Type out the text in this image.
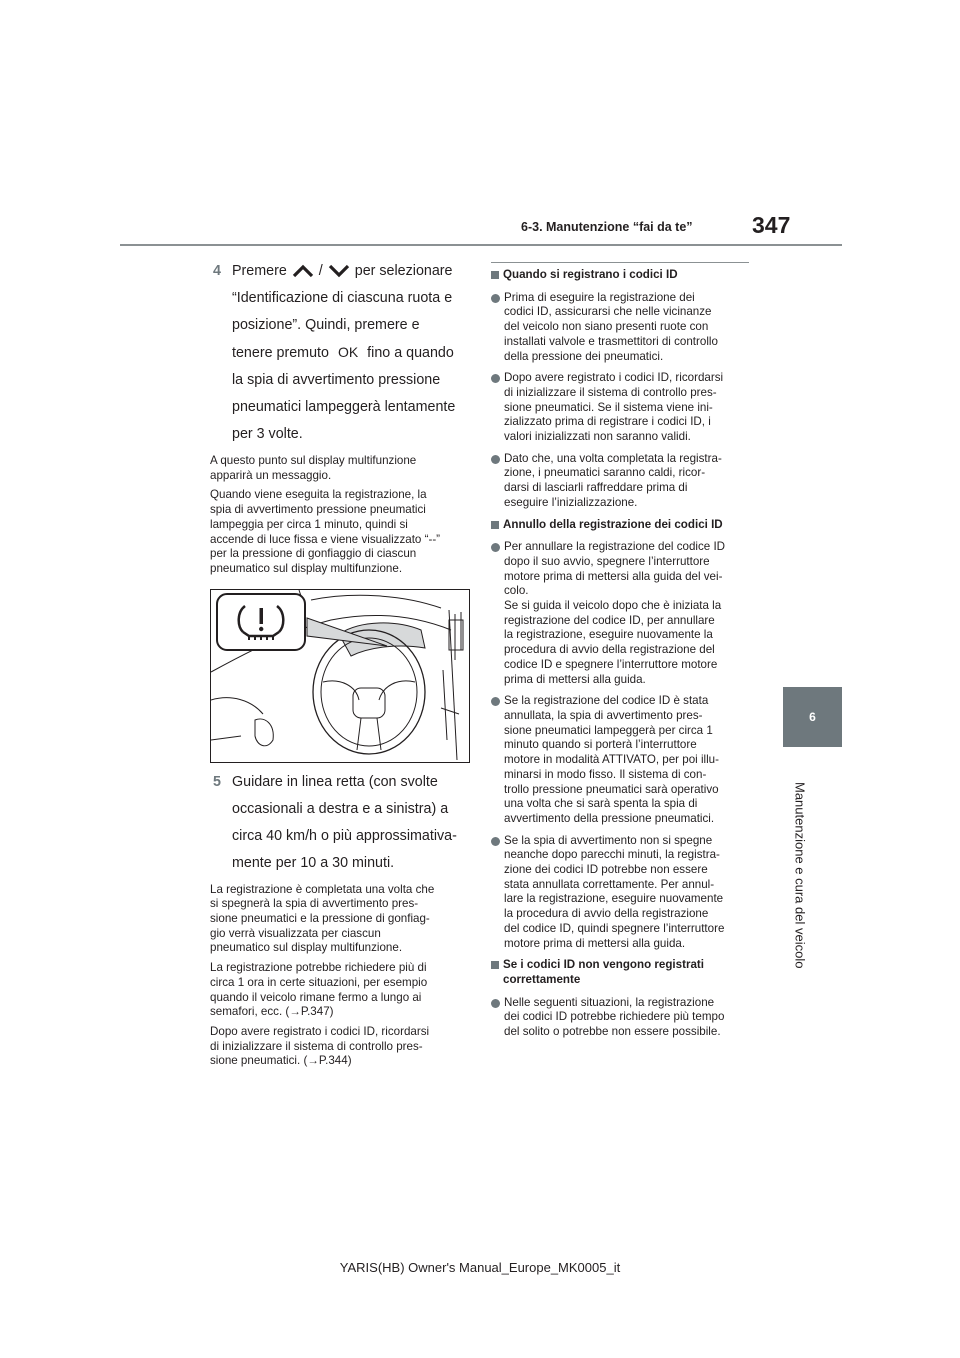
6-3. Manutenzione “fai da te”	347
6
Manutenzione e cura del veicolo
4 Premere / per selezionare
“Identificazione di ciascuna ruota e
posizione”. Quindi, premere e
tenere premuto OK fino a quando
la spia di avvertimento pressione
pneumatici lampeggerà lentamente
per 3 volte.

A questo punto sul display multifunzione
apparirà un messaggio.

Quando viene eseguita la registrazione, la
spia di avvertimento pressione pneumatici
lampeggia per circa 1 minuto, quindi si
accende di luce fissa e viene visualizzato “--”
per la pressione di gonfiaggio di ciascun
pneumatico sul display multifunzione.

5 Guidare in linea retta (con svolte
occasionali a destra e a sinistra) a
circa 40 km/h o più approssimativa-
mente per 10 a 30 minuti.

La registrazione è completata una volta che
si spegnerà la spia di avvertimento pres-
sione pneumatici e la pressione di gonfiag-
gio verrà visualizzata per ciascun
pneumatico sul display multifunzione.

La registrazione potrebbe richiedere più di
circa 1 ora in certe situazioni, per esempio
quando il veicolo rimane fermo a lungo ai
semafori, ecc. (→P.347)

Dopo avere registrato i codici ID, ricordarsi
di inizializzare il sistema di controllo pres-
sione pneumatici. (→P.344)

Quando si registrano i codici ID
Prima di eseguire la registrazione dei
codici ID, assicurarsi che nelle vicinanze
del veicolo non siano presenti ruote con
installati valvole e trasmettitori di controllo
della pressione dei pneumatici.
Dopo avere registrato i codici ID, ricordarsi
di inizializzare il sistema di controllo pres-
sione pneumatici. Se il sistema viene ini-
zializzato prima di registrare i codici ID, i
valori inizializzati non saranno validi.
Dato che, una volta completata la registra-
zione, i pneumatici saranno caldi, ricor-
darsi di lasciarli raffreddare prima di
eseguire l’inizializzazione.
Annullo della registrazione dei codici ID
Per annullare la registrazione del codice ID
dopo il suo avvio, spegnere l’interruttore
motore prima di mettersi alla guida del vei-
colo.
Se si guida il veicolo dopo che è iniziata la
registrazione del codice ID, per annullare
la registrazione, eseguire nuovamente la
procedura di avvio della registrazione del
codice ID e spegnere l’interruttore motore
prima di mettersi alla guida.
Se la registrazione del codice ID è stata
annullata, la spia di avvertimento pres-
sione pneumatici lampeggerà per circa 1
minuto quando si porterà l’interruttore
motore in modalità ATTIVATO, per poi illu-
minarsi in modo fisso. Il sistema di con-
trollo pressione pneumatici sarà operativo
una volta che si sarà spenta la spia di
avvertimento della pressione pneumatici.
Se la spia di avvertimento non si spegne
neanche dopo parecchi minuti, la registra-
zione dei codici ID potrebbe non essere
stata annullata correttamente. Per annul-
lare la registrazione, eseguire nuovamente
la procedura di avvio della registrazione
del codice ID, quindi spegnere l’interruttore
motore prima di mettersi alla guida.
Se i codici ID non vengono registrati
correttamente
Nelle seguenti situazioni, la registrazione
dei codici ID potrebbe richiedere più tempo
del solito o potrebbe non essere possibile.
YARIS(HB) Owner's Manual_Europe_MK0005_it
